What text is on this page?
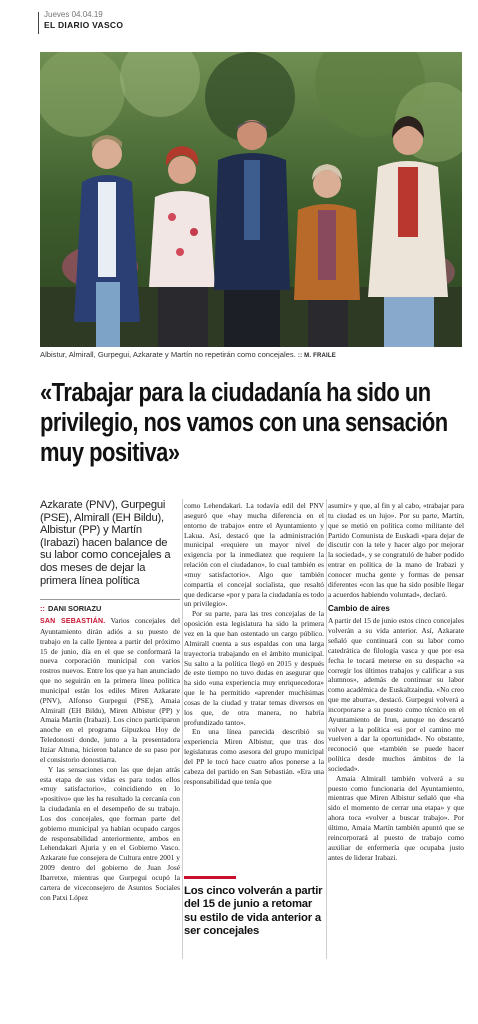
Jueves 04.04.19
EL DIARIO VASCO
Albistur, Almirall, Gurpegui, Azkarate y Martín no repetirán como concejales. :: M. FRAILE
«Trabajar para la ciudadanía ha sido un privilegio, nos vamos con una sensación muy positiva»
Azkarate (PNV), Gurpegui (PSE), Almirall (EH Bildu), Albistur (PP) y Martín (Irabazi) hacen balance de su labor como concejales a dos meses de dejar la primera línea política
:: DANI SORIAZU

SAN SEBASTIÁN. Varios concejales del Ayuntamiento dirán adiós a su puesto de trabajo en la calle Ijentea a partir del próximo 15 de junio, día en el que se conformará la nueva corporación municipal con varios rostros nuevos. Entre los que ya han anunciado que no seguirán en la primera línea política municipal están los ediles Miren Azkarate (PNV), Alfonso Gurpegui (PSE), Amaia Almirall (EH Bildu), Miren Albistur (PP) y Amaia Martín (Irabazi). Los cinco participaron anoche en el programa Gipuzkoa Hoy de Teledonosti donde, junto a la presentadora Itziar Altuna, hicieron balance de su paso por el consistorio donostiarra.

Y las sensaciones con las que dejan atrás esta etapa de sus vidas es para todos ellos «muy satisfactorio», coincidiendo en lo «positivo» que les ha resultado la cercanía con la ciudadanía en el desempeño de su trabajo. Los dos concejales, que forman parte del gobierno municipal ya habían ocupado cargos de responsabilidad anteriormente, ambos en Lehendakari Ajuria y en el Gobierno Vasco. Azkarate fue consejera de Cultura entre 2001 y 2009 dentro del gobierno de Juan José Ibarretxe, mientras que Gurpegui ocupó la cartera de viceconsejero de Asuntos Sociales con Patxi López

como Lehendakari. La todavía edil del PNV aseguró que «hay mucha diferencia en el entorno de trabajo» entre el Ayuntamiento y Lakua. Así, destacó que la administración municipal «requiere un mayor nivel de exigencia por la inmediatez que requiere la relación con el ciudadano», lo cual también es «muy satisfactorio». Algo que también compartía el concejal socialista, que resaltó que dedicarse «por y para la ciudadanía es todo un privilegio».

Por su parte, para las tres concejalas de la oposición esta legislatura ha sido la primera vez en la que han ostentado un cargo público. Almirall cuenta a sus espaldas con una larga trayectoria trabajando en el ámbito municipal. Su salto a la política llegó en 2015 y después de este tiempo no tuvo dudas en asegurar que ha sido «una experiencia muy enriquecedora» que le ha permitido «aprender muchísimas cosas de la ciudad y tratar temas diversos en los que, de otra manera, no habría profundizado tanto».

En una línea parecida describió su experiencia Miren Albistur, que tras dos legislaturas como asesora del grupo municipal del PP le tocó hace cuatro años ponerse a la cabeza del partido en San Sebastián. «Era una responsabilidad que tenía que

Los cinco volverán a partir del 15 de junio a retomar su estilo de vida anterior a ser concejales

asumir» y que, al fin y al cabo, «trabajar para tu ciudad es un lujo». Por su parte, Martín, que se metió en política como militante del Partido Comunista de Euskadi «para dejar de discutir con la tele y hacer algo por mejorar la sociedad», y se congratuló de haber podido entrar en política de la mano de Irabazi y conocer mucha gente y formas de pensar diferentes «con las que ha sido posible llegar a acuerdos habiendo voluntad», declaró.

Cambio de aires

A partir del 15 de junio estos cinco concejales volverán a su vida anterior. Así, Azkarate señaló que continuará con su labor como catedrática de filología vasca y que por esa fecha le tocará meterse en su despacho «a corregir los últimos trabajos y calificar a sus alumnos», además de continuar su labor como académica de Euskaltzaindia. «No creo que me aburra», destacó. Gurpegui volverá a incorporarse a su puesto como técnico en el Ayuntamiento de Irun, aunque no descartó volver a la política «si por el camino me vuelven a dar la oportunidad». No obstante, reconoció que «también se puede hacer política desde muchos ámbitos de la sociedad».

Amaia Almirall también volverá a su puesto como funcionaria del Ayuntamiento, mientras que Miren Albistur señaló que «ha sido el momento de cerrar una etapa» y que ahora toca «volver a buscar trabajo». Por último, Amaia Martín también apuntó que se reincorporará al puesto de trabajo como auxiliar de enfermería que ocupaba justo antes de liderar Irabazi.
